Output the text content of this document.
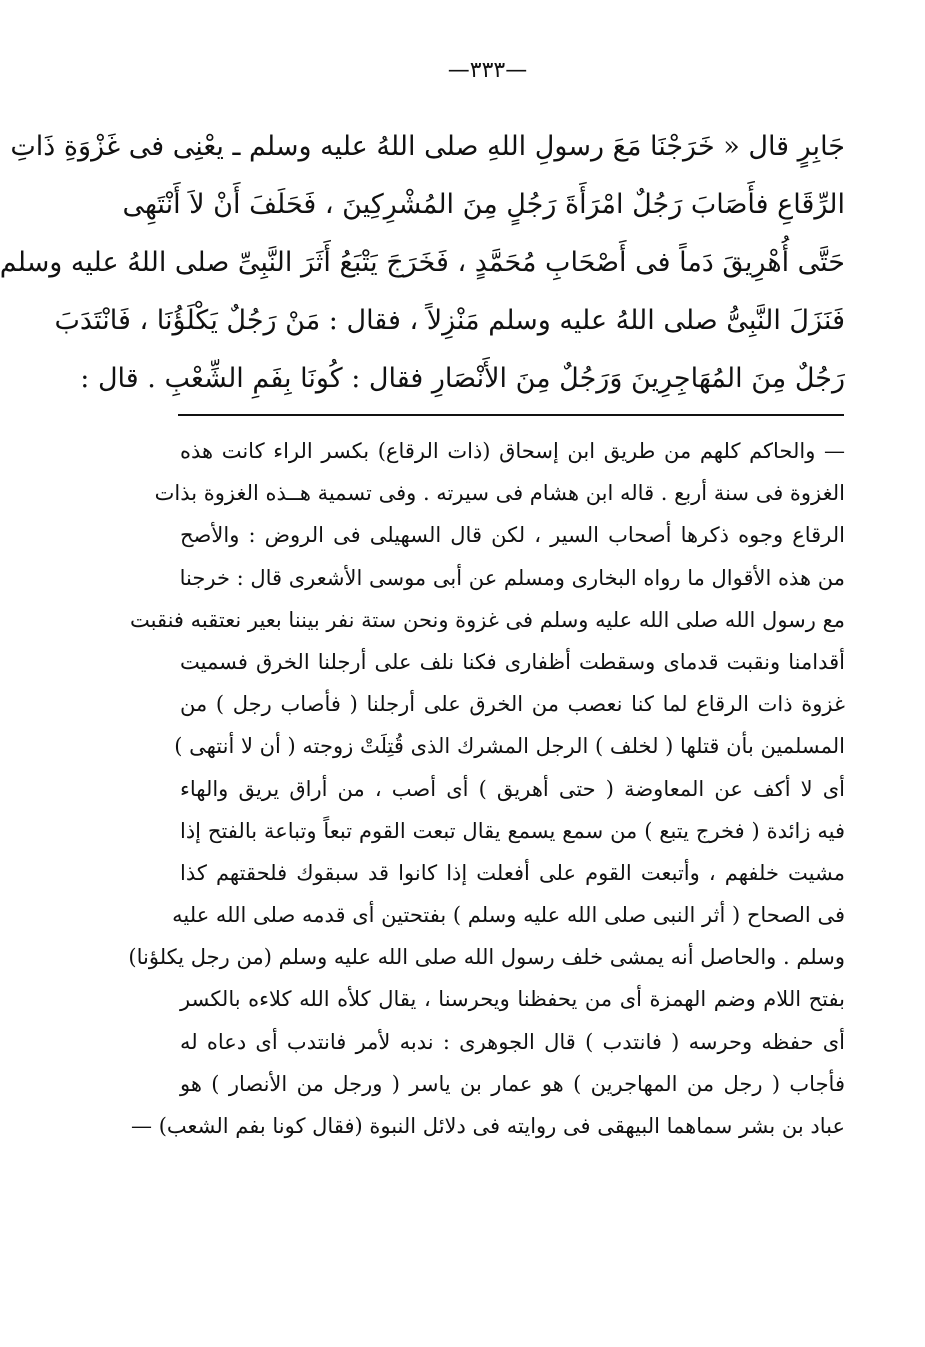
—٣٣٣—
جَابِرٍ قال « خَرَجْنَا مَعَ رسولِ اللهِ صلى اللهُ عليه وسلم ـ يعْنِى فى غَزْوَةِ ذَاتِ
الرِّقَاعِ فأَصَابَ رَجُلٌ امْرَأَةَ رَجُلٍ مِنَ المُشْرِكِينَ ، فَحَلَفَ أَنْ لاَ أَنْتَهِى
حَتَّى أُهْرِيقَ دَماً فى أَصْحَابِ مُحَمَّدٍ ، فَخَرَجَ يَتْبَعُ أَثَرَ النَّبِىِّ صلى اللهُ عليه وسلم
فَنَزَلَ النَّبِىُّ صلى اللهُ عليه وسلم مَنْزِلاً ، فقال : مَنْ رَجُلٌ يَكْلَؤُنَا ، فَانْتَدَبَ
رَجُلٌ مِنَ المُهَاجِرِينَ وَرَجُلٌ مِنَ الأَنْصَارِ فقال : كُونَا بِفَمِ الشِّعْبِ . قال :
— والحاكم كلهم من طريق ابن إسحاق (ذات الرقاع) بكسر الراء كانت هذه
الغزوة فى سنة أربع . قاله ابن هشام فى سيرته . وفى تسمية هــذه الغزوة بذات
الرقاع وجوه ذكرها أصحاب السير ، لكن قال السهيلى فى الروض : والأصح
من هذه الأقوال ما رواه البخارى ومسلم عن أبى موسى الأشعرى قال : خرجنا
مع رسول الله صلى الله عليه وسلم فى غزوة ونحن ستة نفر بيننا بعير نعتقبه فنقبت
أقدامنا ونقبت قدماى وسقطت أظفارى فكنا نلف على أرجلنا الخرق فسميت
غزوة ذات الرقاع لما كنا نعصب من الخرق على أرجلنا ( فأصاب رجل ) من
المسلمين بأن قتلها ( لخلف ) الرجل المشرك الذى قُتِلَتْ زوجته ( أن لا أنتهى )
أى لا أكف عن المعاوضة ( حتى أهريق ) أى أصب ، من أراق يريق والهاء
فيه زائدة ( فخرج يتبع ) من سمع يسمع يقال تبعت القوم تبعاً وتباعة بالفتح إذا
مشيت خلفهم ، وأتبعت القوم على أفعلت إذا كانوا قد سبقوك فلحقتهم كذا
فى الصحاح ( أثر النبى صلى الله عليه وسلم ) بفتحتين أى قدمه صلى الله عليه
وسلم . والحاصل أنه يمشى خلف رسول الله صلى الله عليه وسلم (من رجل يكلؤنا)
بفتح اللام وضم الهمزة أى من يحفظنا ويحرسنا ، يقال كلأه الله كلاءه بالكسر
أى حفظه وحرسه ( فانتدب ) قال الجوهرى : ندبه لأمر فانتدب أى دعاه له
فأجاب ( رجل من المهاجرين ) هو عمار بن ياسر ( ورجل من الأنصار ) هو
عباد بن بشر سماهما البيهقى فى روايته فى دلائل النبوة (فقال كونا بفم الشعب) —
